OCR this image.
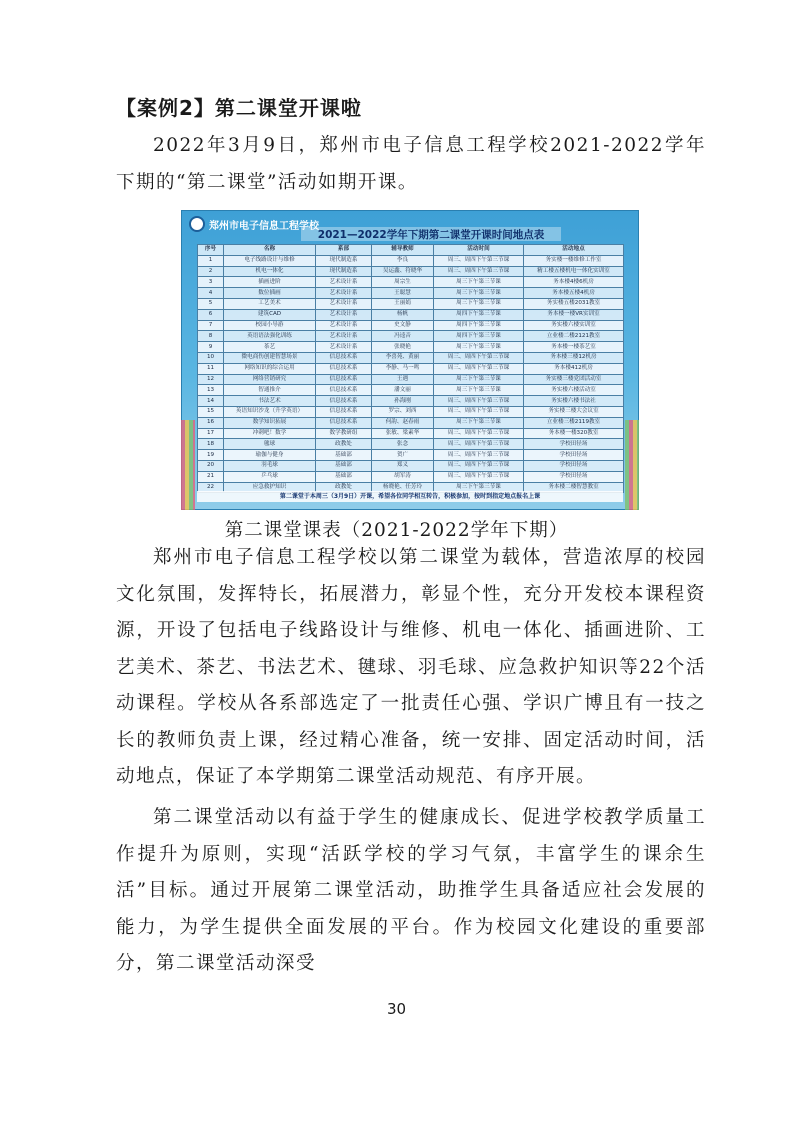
【案例2】第二课堂开课啦
2022年3月9日，郑州市电子信息工程学校2021-2022学年下期的“第二课堂”活动如期开课。
郑州市电子信息工程学校
2021—2022学年下期第二课堂开课时间地点表
序号	名称	系部	辅导教师	活动时间	活动地点
1	电子线路设计与维修	现代制造系	李良	周三、周四下午第三节课	务实楼一楼维修工作室
2	机电一体化	现代制造系	吴运鑫、符晓华	周三、周四下午第三节课	精工楼五楼机电一体化实训室
3	插画进阶	艺术设计系	周宗生	周三下午第三节课	务本楼4楼6机房
4	数位插画	艺术设计系	王聪慧	周三下午第三节课	务本楼五楼4机房
5	工艺美术	艺术设计系	王丽娟	周三下午第三节课	务实楼五楼2031教室
6	建筑CAD	艺术设计系	杨帆	周四下午第三节课	务本楼一楼VR实训室
7	校园小导游	艺术设计系	史文静	周四下午第三节课	务实楼六楼实训室
8	英语语法强化训练	艺术设计系	冯逵音	周四下午第三节课	立业楼二楼2121教室
9	茶艺	艺术设计系	张晓艳	周三下午第三节课	务本楼一楼茶艺室
10	微电商伤创建智慧场景	信息技术系	李喜苑、黄丽	周三、周四下午第三节课	务本楼三楼12机房
11	网络知识的综合运用	信息技术系	李静、马一鸣	周三、周四下午第三节课	务本楼412机房
12	网络营销研究	信息技术系	王遇	周三下午第三节课	务实楼三楼党团活动室
13	智通推介	信息技术系	潘文丽	周三下午第三节课	务实楼六楼活动室
14	书法艺术	信息技术系	孙海刚	周三、周四下午第三节课	务实楼六楼书法社
15	英语知识沙龙（升学英语）	信息技术系	罗宗、刘西	周三、周四下午第三节课	务实楼三楼大会议室
16	数学知识拓展	信息技术系	何韵、赵春雨	周三下午第三节课	立业楼三楼2119教室
17	冲刺吧！数学	数学教研组	张敏、梁素华	周三、周四下午第三节课	务本楼一楼320教室
18	毽球	政教处	张念	周三、周四下午第三节课	学校田径场
19	瑜伽与健身	基础部	贺广	周三、周四下午第三节课	学校田径场
20	羽毛球	基础部	郑义	周三、周四下午第三节课	学校田径场
21	乒乓球	基础部	胡军涛	周三、周四下午第三节课	学校田径场
22	应急救护知识	政教处	杨晓艳、任芳玲	周三下午第三节课	务本楼二楼智慧教室
第二课堂于本周三（3月9日）开课，希望各位同学相互转告，积极参加，按时到指定地点报名上课
第二课堂课表（2021-2022学年下期）
郑州市电子信息工程学校以第二课堂为载体，营造浓厚的校园文化氛围，发挥特长，拓展潜力，彰显个性，充分开发校本课程资源，开设了包括电子线路设计与维修、机电一体化、插画进阶、工艺美术、茶艺、书法艺术、毽球、羽毛球、应急救护知识等22个活动课程。学校从各系部选定了一批责任心强、学识广博且有一技之长的教师负责上课，经过精心准备，统一安排、固定活动时间，活动地点，保证了本学期第二课堂活动规范、有序开展。
第二课堂活动以有益于学生的健康成长、促进学校教学质量工作提升为原则，实现“活跃学校的学习气氛，丰富学生的课余生活”目标。通过开展第二课堂活动，助推学生具备适应社会发展的能力，为学生提供全面发展的平台。作为校园文化建设的重要部分，第二课堂活动深受
30
